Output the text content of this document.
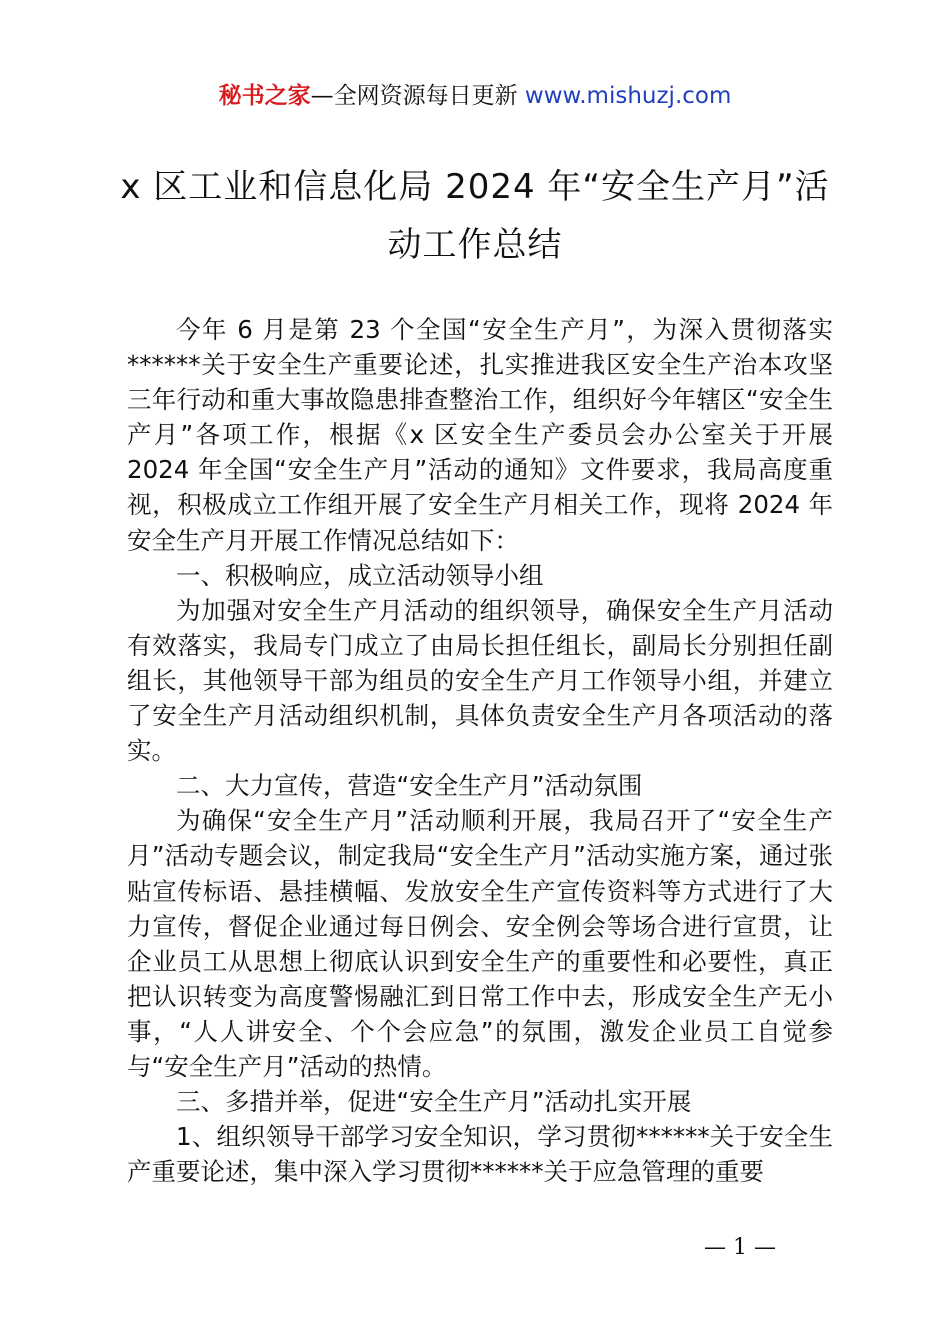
秘书之家—全网资源每日更新 www.mishuzj.com
x 区工业和信息化局 2024 年“安全生产月”活动工作总结

今年 6 月是第 23 个全国“安全生产月”，为深入贯彻落实******关于安全生产重要论述，扎实推进我区安全生产治本攻坚三年行动和重大事故隐患排查整治工作，组织好今年辖区“安全生产月”各项工作，根据《x 区安全生产委员会办公室关于开展 2024 年全国“安全生产月”活动的通知》文件要求，我局高度重视，积极成立工作组开展了安全生产月相关工作，现将 2024 年安全生产月开展工作情况总结如下：

一、积极响应，成立活动领导小组

为加强对安全生产月活动的组织领导，确保安全生产月活动有效落实，我局专门成立了由局长担任组长，副局长分别担任副组长，其他领导干部为组员的安全生产月工作领导小组，并建立了安全生产月活动组织机制，具体负责安全生产月各项活动的落实。

二、大力宣传，营造“安全生产月”活动氛围

为确保“安全生产月”活动顺利开展，我局召开了“安全生产月”活动专题会议，制定我局“安全生产月”活动实施方案，通过张贴宣传标语、悬挂横幅、发放安全生产宣传资料等方式进行了大力宣传，督促企业通过每日例会、安全例会等场合进行宣贯，让企业员工从思想上彻底认识到安全生产的重要性和必要性，真正把认识转变为高度警惕融汇到日常工作中去，形成安全生产无小事，“人人讲安全、个个会应急”的氛围，激发企业员工自觉参与“安全生产月”活动的热情。

三、多措并举，促进“安全生产月”活动扎实开展

1、组织领导干部学习安全知识，学习贯彻******关于安全生产重要论述，集中深入学习贯彻******关于应急管理的重要

— 1 —
